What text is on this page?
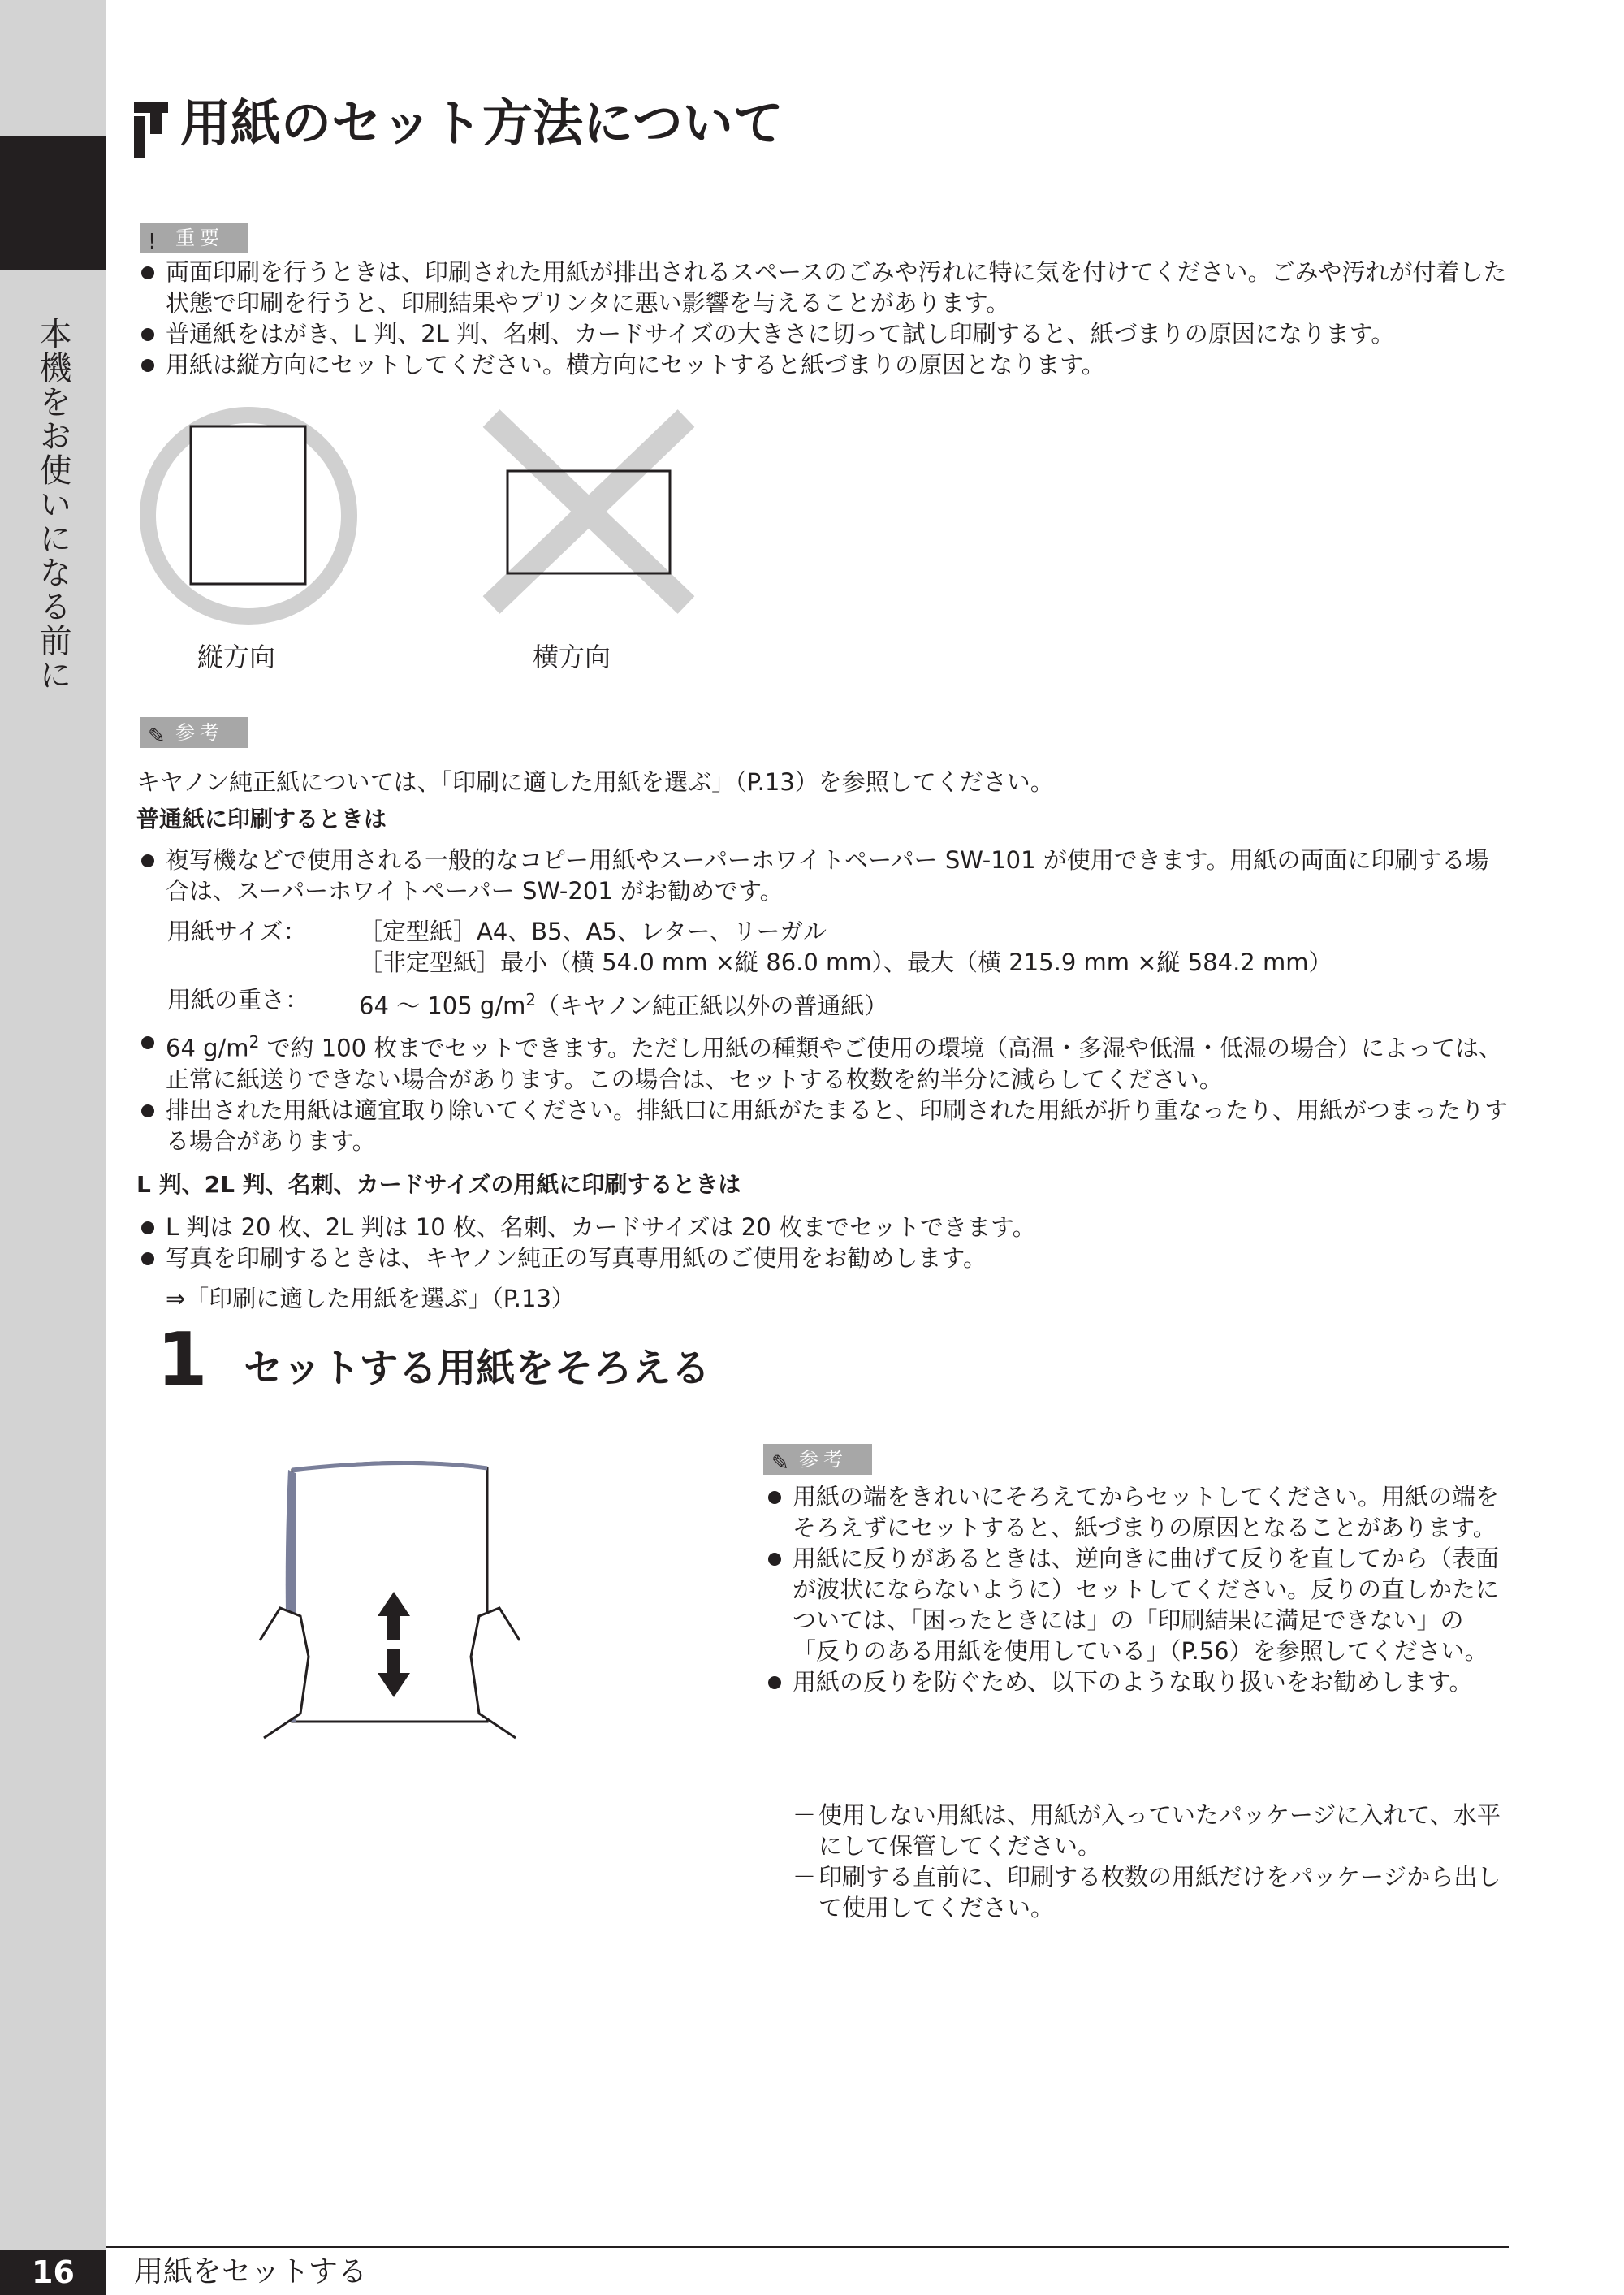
本機をお使いになる前に
用紙のセット方法について
! 重要
両面印刷を行うときは、印刷された用紙が排出されるスペースのごみや汚れに特に気を付けてください。ごみや汚れが付着した状態で印刷を行うと、印刷結果やプリンタに悪い影響を与えることがあります。
普通紙をはがき、L 判、2L 判、名刺、カードサイズの大きさに切って試し印刷すると、紙づまりの原因になります。
用紙は縦方向にセットしてください。横方向にセットすると紙づまりの原因となります。
縦方向	横方向
✎ 参考

キヤノン純正紙については、「印刷に適した用紙を選ぶ」（P.13）を参照してください。

普通紙に印刷するときは

複写機などで使用される一般的なコピー用紙やスーパーホワイトペーパー SW-101 が使用できます。用紙の両面に印刷する場合は、スーパーホワイトペーパー SW-201 がお勧めです。
用紙サイズ： ［定型紙］A4、B5、A5、レター、リーガル
［非定型紙］最小（横 54.0 mm ×縦 86.0 mm）、最大（横 215.9 mm ×縦 584.2 mm）
用紙の重さ： 64 ～ 105 $g/m^2$（キヤノン純正紙以外の普通紙）
64 $g/m^2$ で約 100 枚までセットできます。ただし用紙の種類やご使用の環境（高温・多湿や低温・低湿の場合）によっては、正常に紙送りできない場合があります。この場合は、セットする枚数を約半分に減らしてください。
排出された用紙は適宜取り除いてください。排紙口に用紙がたまると、印刷された用紙が折り重なったり、用紙がつまったりする場合があります。

L 判、2L 判、名刺、カードサイズの用紙に印刷するときは

L 判は 20 枚、2L 判は 10 枚、名刺、カードサイズは 20 枚までセットできます。
写真を印刷するときは、キヤノン純正の写真専用紙のご使用をお勧めします。

⇒「印刷に適した用紙を選ぶ」（P.13）

1 セットする用紙をそろえる
✎ 参考
用紙の端をきれいにそろえてからセットしてください。用紙の端をそろえずにセットすると、紙づまりの原因となることがあります。
用紙に反りがあるときは、逆向きに曲げて反りを直してから（表面が波状にならないように）セットしてください。反りの直しかたについては、「困ったときには」の「印刷結果に満足できない」の「反りのある用紙を使用している」（P.56）を参照してください。
用紙の反りを防ぐため、以下のような取り扱いをお勧めします。
－ 使用しない用紙は、用紙が入っていたパッケージに入れて、水平にして保管してください。
－ 印刷する直前に、印刷する枚数の用紙だけをパッケージから出して使用してください。
16	用紙をセットする
